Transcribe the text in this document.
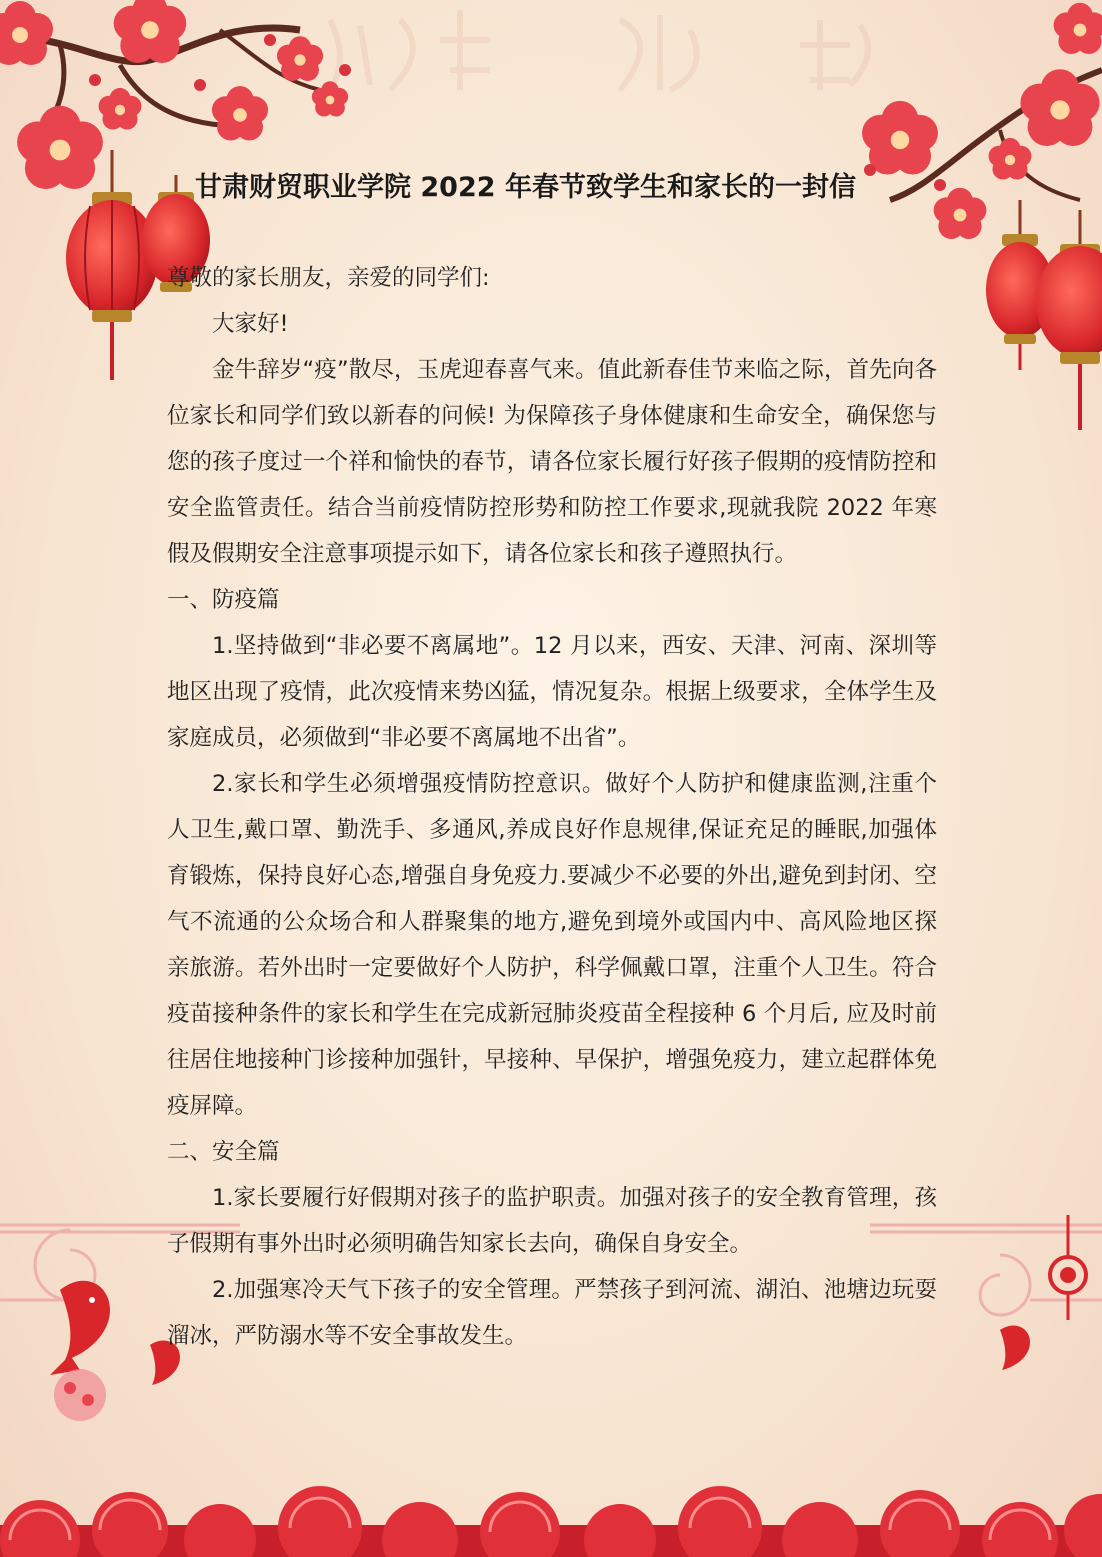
甘肃财贸职业学院 2022 年春节致学生和家长的一封信

尊敬的家长朋友，亲爱的同学们:

大家好!

金牛辞岁“疫”散尽，玉虎迎春喜气来。值此新春佳节来临之际，首先向各位家长和同学们致以新春的问候! 为保障孩子身体健康和生命安全，确保您与您的孩子度过一个祥和愉快的春节，请各位家长履行好孩子假期的疫情防控和安全监管责任。结合当前疫情防控形势和防控工作要求,现就我院 2022 年寒假及假期安全注意事项提示如下，请各位家长和孩子遵照执行。

一、防疫篇

1.坚持做到“非必要不离属地”。12 月以来，西安、天津、河南、深圳等地区出现了疫情，此次疫情来势凶猛，情况复杂。根据上级要求，全体学生及家庭成员，必须做到“非必要不离属地不出省”。

2.家长和学生必须增强疫情防控意识。做好个人防护和健康监测,注重个人卫生,戴口罩、勤洗手、多通风,养成良好作息规律,保证充足的睡眠,加强体育锻炼，保持良好心态,增强自身免疫力.要减少不必要的外出,避免到封闭、空气不流通的公众场合和人群聚集的地方,避免到境外或国内中、高风险地区探亲旅游。若外出时一定要做好个人防护，科学佩戴口罩，注重个人卫生。符合疫苗接种条件的家长和学生在完成新冠肺炎疫苗全程接种 6 个月后, 应及时前往居住地接种门诊接种加强针，早接种、早保护，增强免疫力，建立起群体免疫屏障。

二、安全篇

1.家长要履行好假期对孩子的监护职责。加强对孩子的安全教育管理，孩子假期有事外出时必须明确告知家长去向，确保自身安全。

2.加强寒冷天气下孩子的安全管理。严禁孩子到河流、湖泊、池塘边玩耍溜冰，严防溺水等不安全事故发生。
